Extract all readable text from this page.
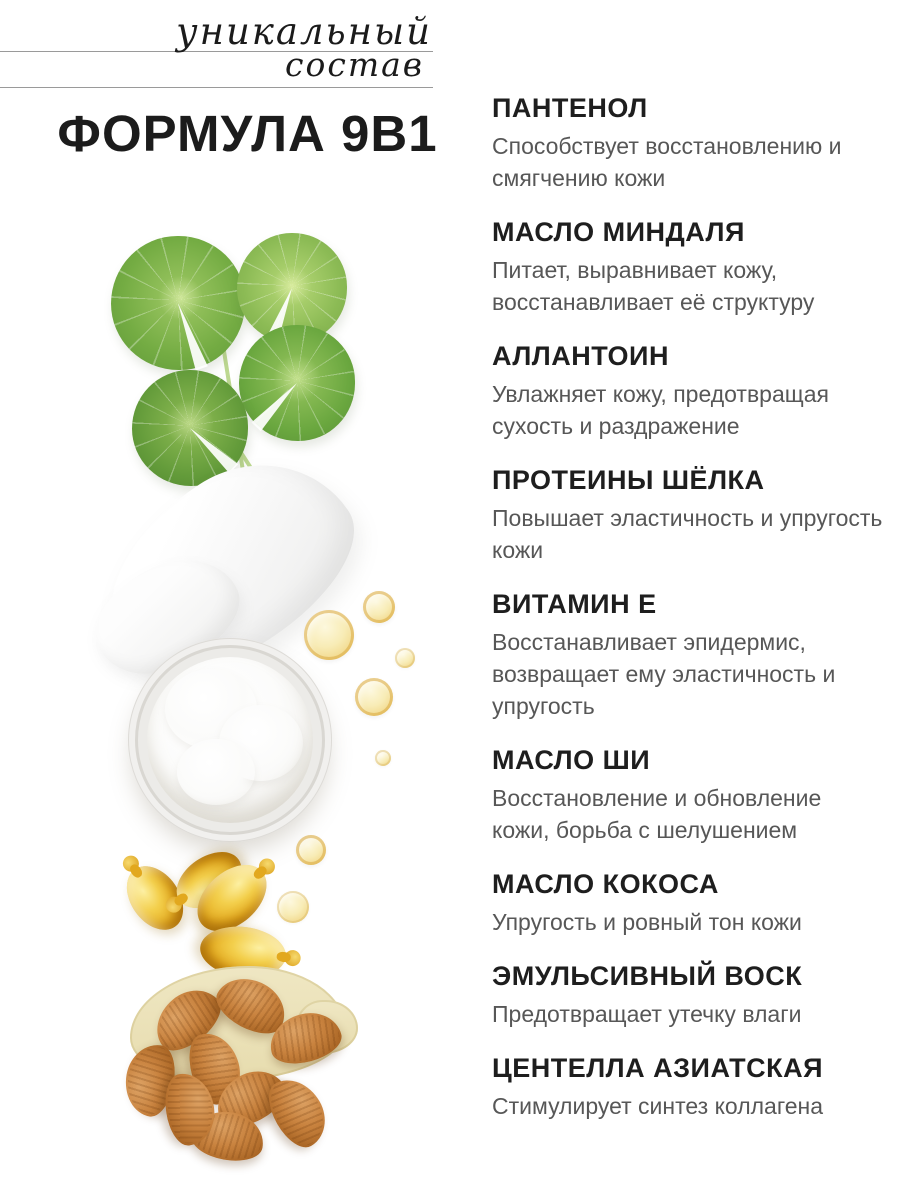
уникальный
состав
ФОРМУЛА 9В1	ПАНТЕНОЛ

Способствует восстановлению и смягчению кожи

МАСЛО МИНДАЛЯ

Питает, выравнивает кожу, восстанавливает её структуру

АЛЛАНТОИН

Увлажняет кожу, предотвращая сухость и раздражение

ПРОТЕИНЫ ШЁЛКА

Повышает эластичность и упругость кожи

ВИТАМИН Е

Восстанавливает эпидермис, возвращает ему эластичность и упругость

МАСЛО ШИ

Восстановление и обновление кожи, борьба с шелушением

МАСЛО КОКОСА

Упругость и ровный тон кожи

ЭМУЛЬСИВНЫЙ ВОСК

Предотвращает утечку влаги

ЦЕНТЕЛЛА АЗИАТСКАЯ

Стимулирует синтез коллагена
